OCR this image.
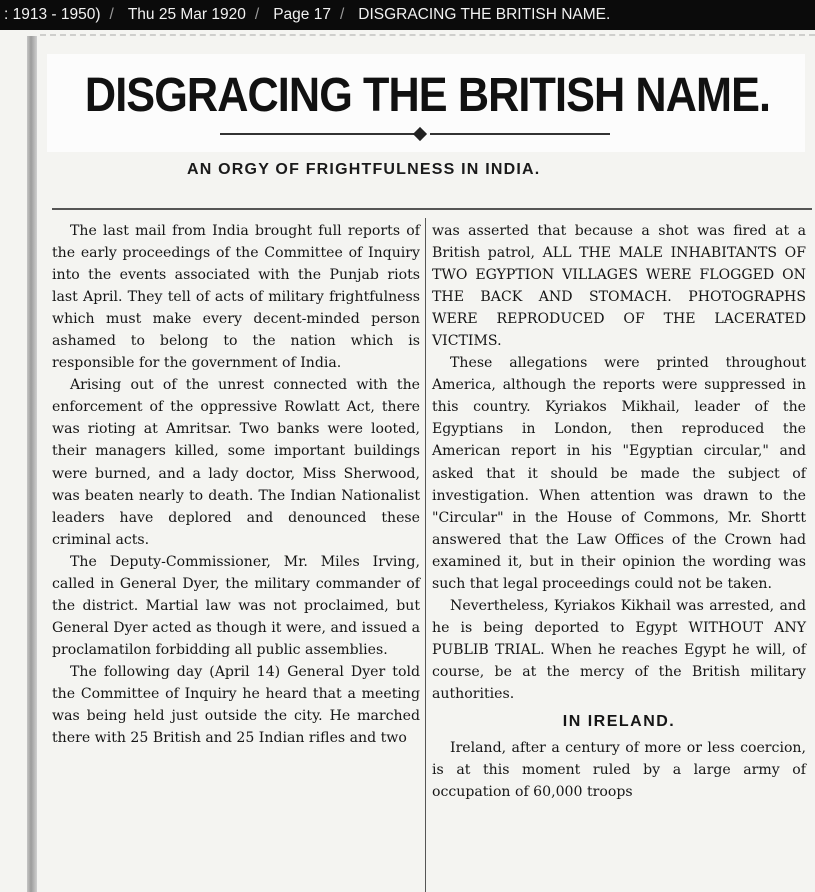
: 1913 - 1950) / Thu 25 Mar 1920 / Page 17 / DISGRACING THE BRITISH NAME.
DISGRACING THE BRITISH NAME.
AN ORGY OF FRIGHTFULNESS IN INDIA.

The last mail from India brought full reports of the early proceedings of the Committee of Inquiry into the events associated with the Punjab riots last April. They tell of acts of military frightfulness which must make every decent-minded person ashamed to belong to the nation which is responsible for the government of India.

Arising out of the unrest connected with the enforcement of the oppressive Rowlatt Act, there was rioting at Amritsar. Two banks were looted, their managers killed, some important buildings were burned, and a lady doctor, Miss Sherwood, was beaten nearly to death. The Indian Nationalist leaders have deplored and denounced these criminal acts.

The Deputy-Commissioner, Mr. Miles Irving, called in General Dyer, the military commander of the district. Martial law was not proclaimed, but General Dyer acted as though it were, and issued a proclamatilon forbidding all public assemblies.

The following day (April 14) General Dyer told the Committee of Inquiry he heard that a meeting was being held just outside the city. He marched there with 25 British and 25 Indian rifles and two

was asserted that because a shot was fired at a British patrol, ALL THE MALE INHABITANTS OF TWO EGYPTION VILLAGES WERE FLOGGED ON THE BACK AND STOMACH. PHOTOGRAPHS WERE REPRODUCED OF THE LACERATED VICTIMS.

These allegations were printed throughout America, although the reports were suppressed in this country. Kyriakos Mikhail, leader of the Egyptians in London, then reproduced the American report in his "Egyptian circular," and asked that it should be made the subject of investigation. When attention was drawn to the "Circular" in the House of Commons, Mr. Shortt answered that the Law Offices of the Crown had examined it, but in their opinion the wording was such that legal proceedings could not be taken.

Nevertheless, Kyriakos Kikhail was arrested, and he is being deported to Egypt WITHOUT ANY PUBLIB TRIAL. When he reaches Egypt he will, of course, be at the mercy of the British military authorities.

IN IRELAND.

Ireland, after a century of more or less coercion, is at this moment ruled by a large army of occupation of 60,000 troops
